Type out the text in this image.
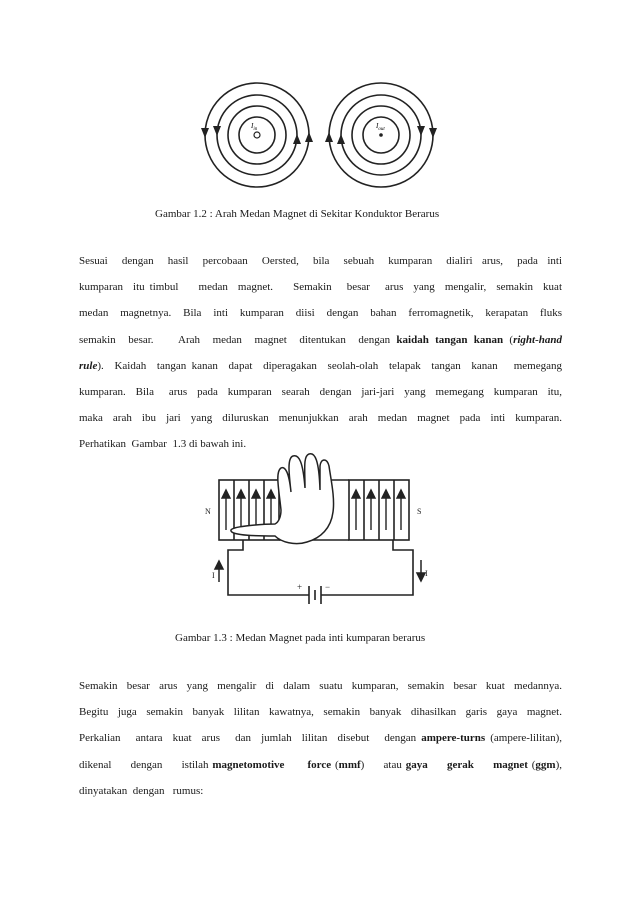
$I_{in}$	$I_{out}$
Gambar 1.2 : Arah Medan Magnet di Sekitar Konduktor Berarus
Sesuai   dengan   hasil   percobaan   Oersted,   bila   sebuah   kumparan   dialiri  arus,   pada  inti
kumparan  itu timbul    medan  magnet.    Semakin   besar   arus  yang  mengalir,  semakin  kuat
medan  magnetnya.  Bila  inti  kumparan  diisi  dengan  bahan  ferromagnetik,  kerapatan  fluks
semakin  besar.    Arah  medan  magnet  ditentukan  dengan kaidah tangan kanan (right-hand
rule).  Kaidah  tangan kanan  dapat  diperagakan  seolah-olah  telapak  tangan  kanan   memegang
kumparan.  Bila   arus  pada  kumparan  searah  dengan  jari-jari  yang  memegang  kumparan  itu,
maka  arah  ibu  jari  yang  diluruskan  menunjukkan  arah  medan  magnet  pada  inti  kumparan.
Perhatikan  Gambar  1.3 di bawah ini.
N	S
I	I
+	−
Gambar 1.3 : Medan Magnet pada inti kumparan berarus
Semakin  besar  arus  yang  mengalir  di  dalam  suatu  kumparan,  semakin  besar  kuat  medannya.
Begitu  juga  semakin  banyak  lilitan  kawatnya,  semakin  banyak  dihasilkan  garis  gaya  magnet.
Perkalian   antara  kuat  arus   dan  jumlah  lilitan  disebut   dengan ampere-turns (ampere-lilitan),
dikenal     dengan     istilah magnetomotive force (mmf)     atau gaya gerak magnet (ggm),
dinyatakan  dengan   rumus:
